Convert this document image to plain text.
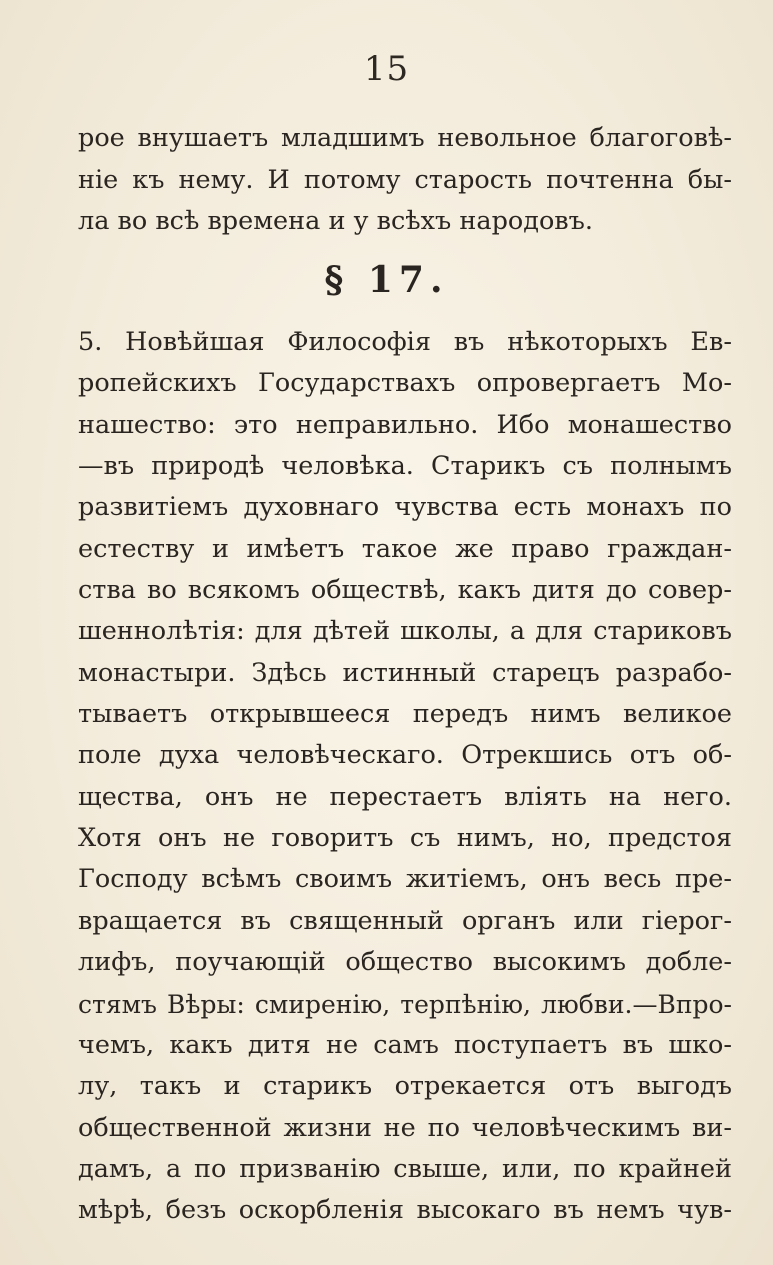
15
рое внушаетъ младшимъ невольное благоговѣ-
ніе къ нему. И потому старость почтенна бы-
ла во всѣ времена и у всѣхъ народовъ.
§ 17.
5. Новѣйшая Философія въ нѣкоторыхъ Ев-
ропейскихъ Государствахъ опровергаетъ Мо-
нашество: это неправильно. Ибо монашество
—въ природѣ человѣка. Старикъ съ полнымъ
развитіемъ духовнаго чувства есть монахъ по
естеству и имѣетъ такое же право граждан-
ства во всякомъ обществѣ, какъ дитя до совер-
шеннолѣтія: для дѣтей школы, а для стариковъ
монастыри. Здѣсь истинный старецъ разрабо-
тываетъ открывшееся передъ нимъ великое
поле духа человѣческаго. Отрекшись отъ об-
щества, онъ не перестаетъ вліять на него.
Хотя онъ не говоритъ съ нимъ, но, предстоя
Господу всѣмъ своимъ житіемъ, онъ весь пре-
вращается въ священный органъ или гіерог-
лифъ, поучающій общество высокимъ добле-
стямъ Вѣры: смиренію, терпѣнію, любви.—Впро-
чемъ, какъ дитя не самъ поступаетъ въ шко-
лу, такъ и старикъ отрекается отъ выгодъ
общественной жизни не по человѣческимъ ви-
дамъ, а по призванію свыше, или, по крайней
мѣрѣ, безъ оскорбленія высокаго въ немъ чув-
